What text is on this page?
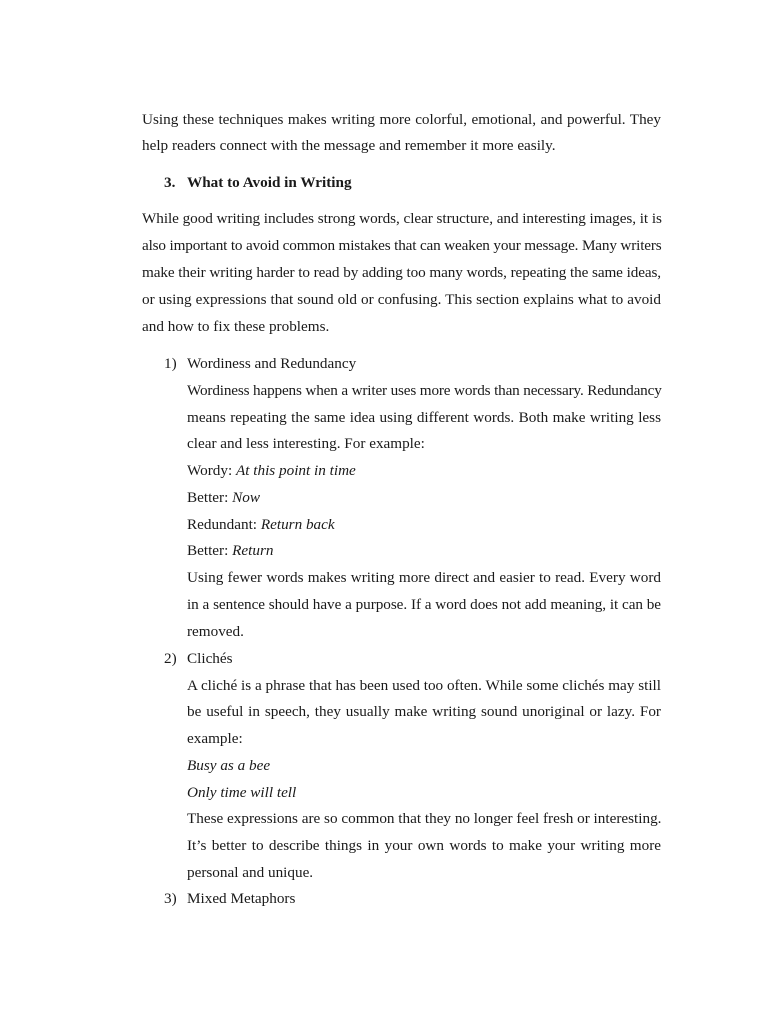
Using these techniques makes writing more colorful, emotional, and powerful. They
help readers connect with the message and remember it more easily.
3. What to Avoid in Writing
While good writing includes strong words, clear structure, and interesting images, it is
also important to avoid common mistakes that can weaken your message. Many writers
make their writing harder to read by adding too many words, repeating the same ideas,
or using expressions that sound old or confusing. This section explains what to avoid
and how to fix these problems.
1) Wordiness and Redundancy
Wordiness happens when a writer uses more words than necessary. Redundancy
means repeating the same idea using different words. Both make writing less
clear and less interesting. For example:
Wordy: At this point in time
Better: Now
Redundant: Return back
Better: Return
Using fewer words makes writing more direct and easier to read. Every word
in a sentence should have a purpose. If a word does not add meaning, it can be
removed.
2) Clichés
A cliché is a phrase that has been used too often. While some clichés may still
be useful in speech, they usually make writing sound unoriginal or lazy. For
example:
Busy as a bee
Only time will tell
These expressions are so common that they no longer feel fresh or interesting.
It’s better to describe things in your own words to make your writing more
personal and unique.
3) Mixed Metaphors
